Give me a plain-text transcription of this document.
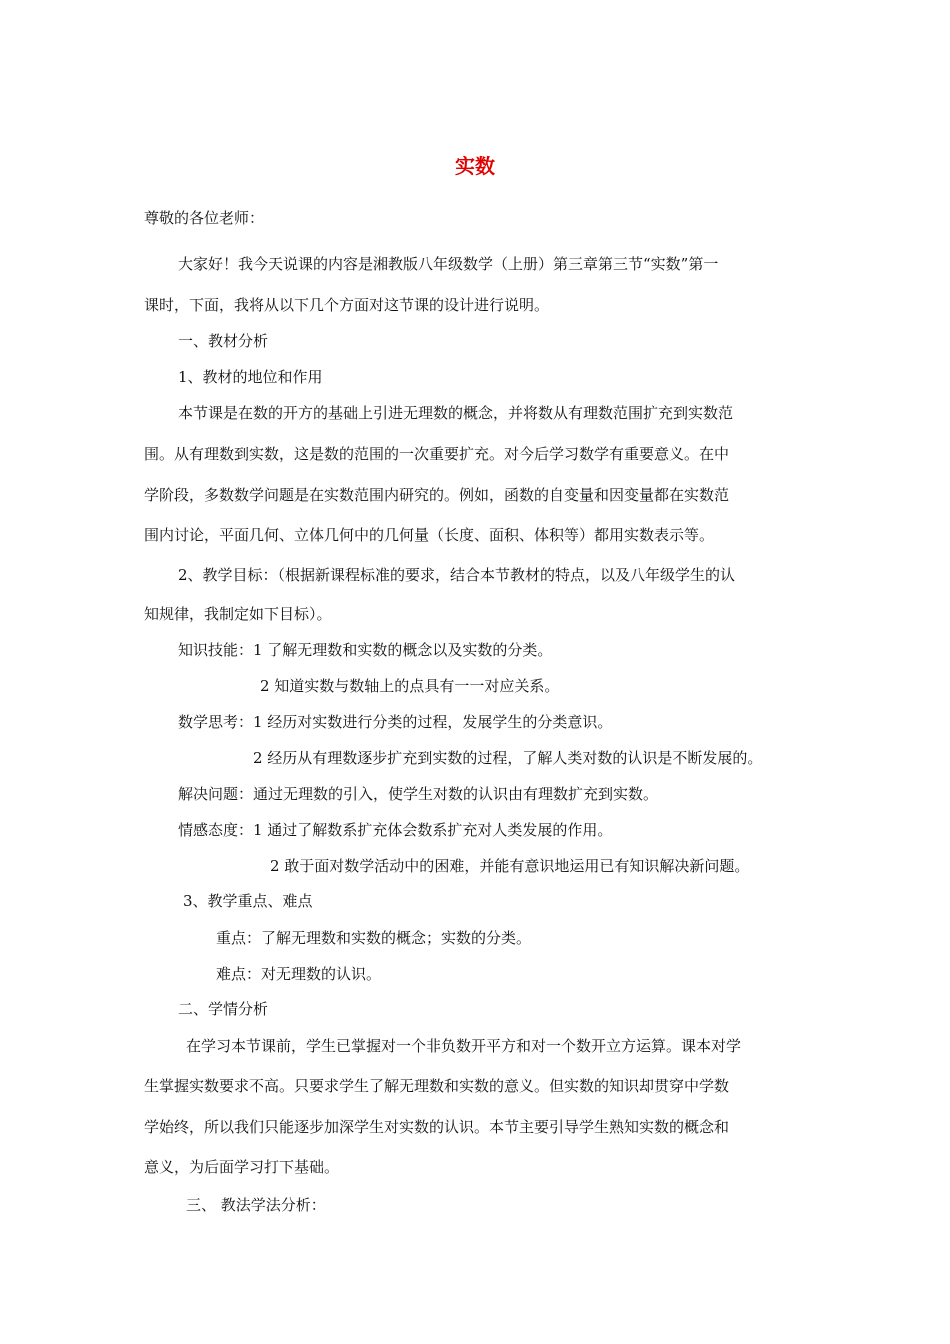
实数
尊敬的各位老师：
大家好！我今天说课的内容是湘教版八年级数学（上册）第三章第三节“实数”第一
课时，下面，我将从以下几个方面对这节课的设计进行说明。
一、教材分析
1、教材的地位和作用
本节课是在数的开方的基础上引进无理数的概念，并将数从有理数范围扩充到实数范
围。从有理数到实数，这是数的范围的一次重要扩充。对今后学习数学有重要意义。在中
学阶段，多数数学问题是在实数范围内研究的。例如，函数的自变量和因变量都在实数范
围内讨论，平面几何、立体几何中的几何量（长度、面积、体积等）都用实数表示等。
2、教学目标：（根据新课程标准的要求，结合本节教材的特点，以及八年级学生的认
知规律，我制定如下目标）。
知识技能：1 了解无理数和实数的概念以及实数的分类。
2 知道实数与数轴上的点具有一一对应关系。
数学思考：1 经历对实数进行分类的过程，发展学生的分类意识。
2 经历从有理数逐步扩充到实数的过程，了解人类对数的认识是不断发展的。
解决问题：通过无理数的引入，使学生对数的认识由有理数扩充到实数。
情感态度：1 通过了解数系扩充体会数系扩充对人类发展的作用。
2 敢于面对数学活动中的困难，并能有意识地运用已有知识解决新问题。
3、教学重点、难点
重点：了解无理数和实数的概念；实数的分类。
难点：对无理数的认识。
二、学情分析
在学习本节课前，学生已掌握对一个非负数开平方和对一个数开立方运算。课本对学
生掌握实数要求不高。只要求学生了解无理数和实数的意义。但实数的知识却贯穿中学数
学始终，所以我们只能逐步加深学生对实数的认识。本节主要引导学生熟知实数的概念和
意义，为后面学习打下基础。
三、 教法学法分析：
